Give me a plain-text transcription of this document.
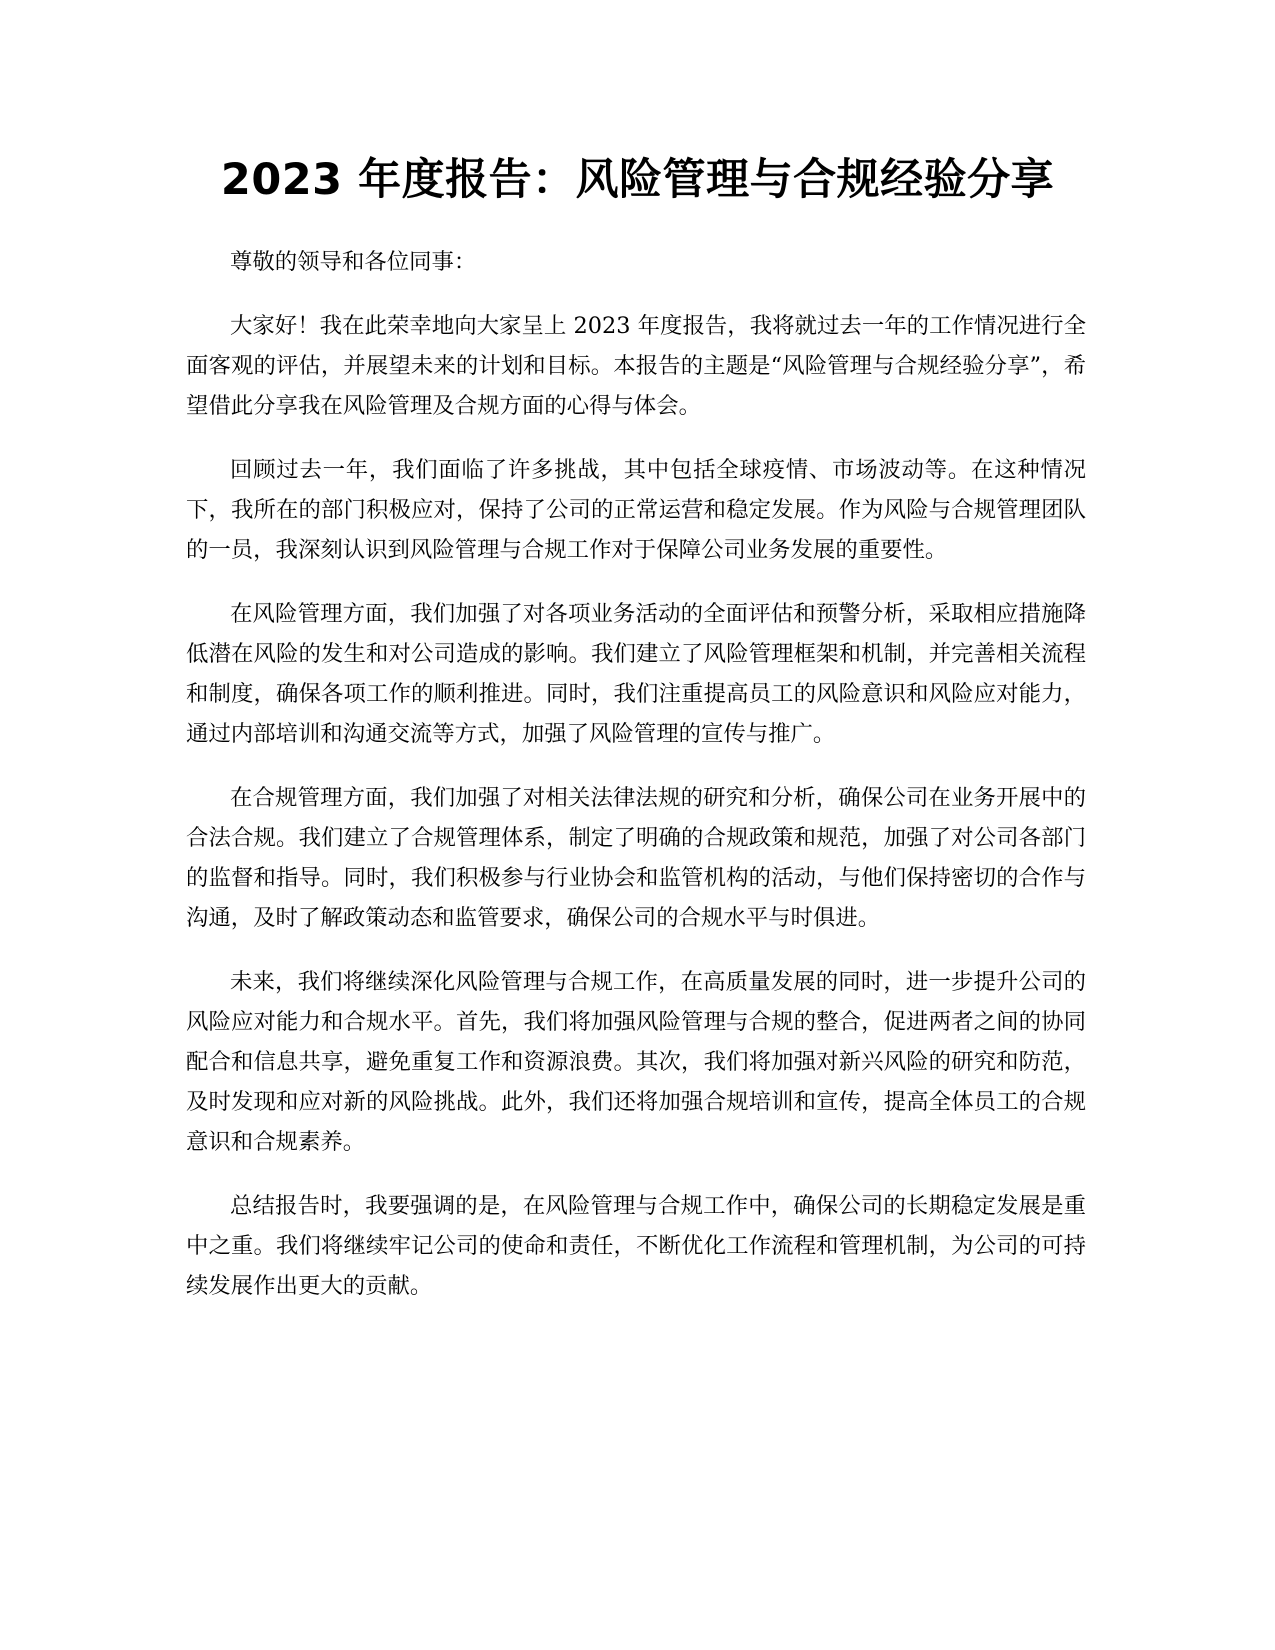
2023 年度报告：风险管理与合规经验分享

尊敬的领导和各位同事：

大家好！我在此荣幸地向大家呈上 2023 年度报告，我将就过去一年的工作情况进行全面客观的评估，并展望未来的计划和目标。本报告的主题是“风险管理与合规经验分享”，希望借此分享我在风险管理及合规方面的心得与体会。

回顾过去一年，我们面临了许多挑战，其中包括全球疫情、市场波动等。在这种情况下，我所在的部门积极应对，保持了公司的正常运营和稳定发展。作为风险与合规管理团队的一员，我深刻认识到风险管理与合规工作对于保障公司业务发展的重要性。

在风险管理方面，我们加强了对各项业务活动的全面评估和预警分析，采取相应措施降低潜在风险的发生和对公司造成的影响。我们建立了风险管理框架和机制，并完善相关流程和制度，确保各项工作的顺利推进。同时，我们注重提高员工的风险意识和风险应对能力，通过内部培训和沟通交流等方式，加强了风险管理的宣传与推广。

在合规管理方面，我们加强了对相关法律法规的研究和分析，确保公司在业务开展中的合法合规。我们建立了合规管理体系，制定了明确的合规政策和规范，加强了对公司各部门的监督和指导。同时，我们积极参与行业协会和监管机构的活动，与他们保持密切的合作与沟通，及时了解政策动态和监管要求，确保公司的合规水平与时俱进。

未来，我们将继续深化风险管理与合规工作，在高质量发展的同时，进一步提升公司的风险应对能力和合规水平。首先，我们将加强风险管理与合规的整合，促进两者之间的协同配合和信息共享，避免重复工作和资源浪费。其次，我们将加强对新兴风险的研究和防范，及时发现和应对新的风险挑战。此外，我们还将加强合规培训和宣传，提高全体员工的合规意识和合规素养。

总结报告时，我要强调的是，在风险管理与合规工作中，确保公司的长期稳定发展是重中之重。我们将继续牢记公司的使命和责任，不断优化工作流程和管理机制，为公司的可持续发展作出更大的贡献。
